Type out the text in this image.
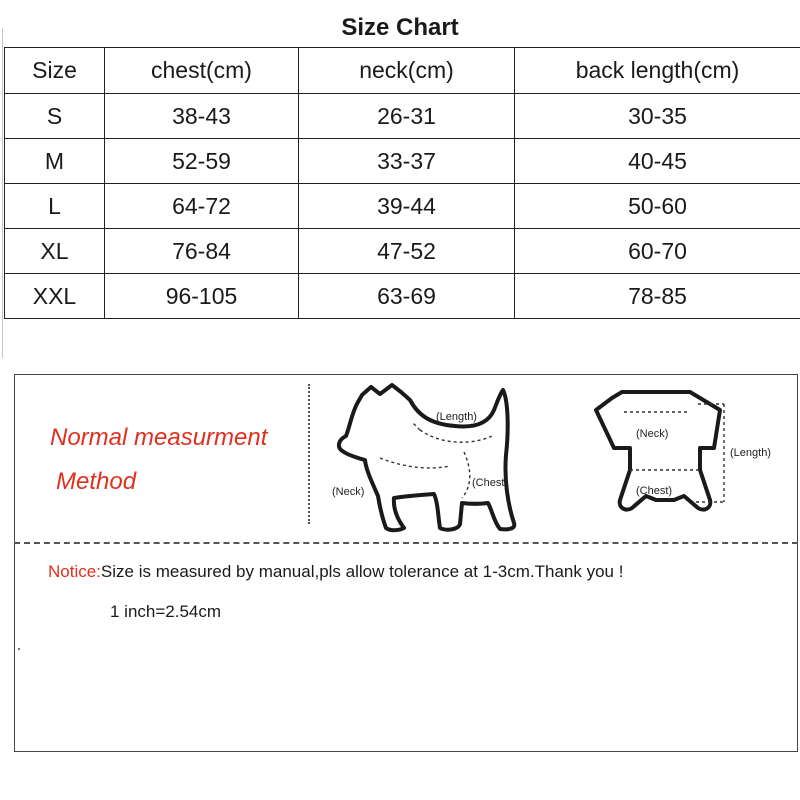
Size Chart
Size	chest(cm)	neck(cm)	back length(cm)
S	38-43	26-31	30-35
M	52-59	33-37	40-45
L	64-72	39-44	50-60
XL	76-84	47-52	60-70
XXL	96-105	63-69	78-85
Normal measurment
Method
(Length)
(Neck)
(Chest)
(Neck)
(Length)
(Chest)
Notice:Size is measured by manual,pls allow tolerance at 1-3cm.Thank you !
1 inch=2.54cm
